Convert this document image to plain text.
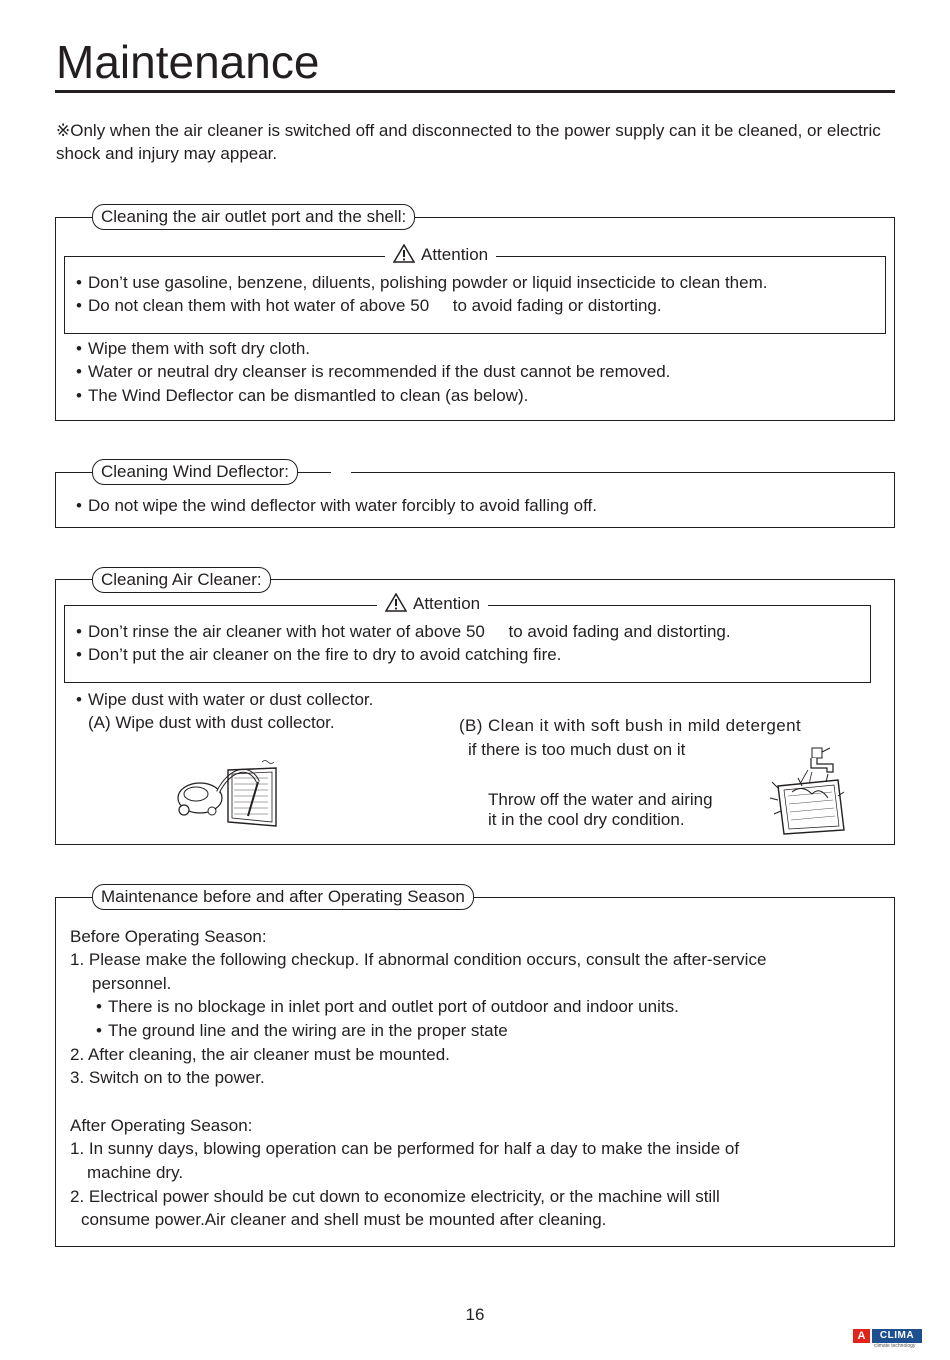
Maintenance
※Only when the air cleaner is switched off and disconnected to the power supply can it be cleaned, or electric shock and injury may appear.
Cleaning the air outlet port and the shell:
Attention
• Don’t use gasoline, benzene, diluents, polishing powder or liquid insecticide to clean them.
• Do not clean them with hot water of above 50     to avoid fading or distorting.
• Wipe them with soft dry cloth.
• Water or neutral dry cleanser is recommended if the dust cannot be removed.
• The Wind Deflector can be dismantled to clean (as below).
Cleaning Wind Deflector:
• Do not wipe the wind deflector with water forcibly to avoid falling off.
Cleaning Air Cleaner:
Attention
• Don’t rinse the air cleaner with hot water of above 50     to avoid fading and distorting.
• Don’t put the air cleaner on the fire to dry to avoid catching fire.
• Wipe dust with water or dust collector.
(A) Wipe dust with dust collector.	(B) Clean it with soft bush in mild detergent
if there is too much dust on it
Throw off the water and airing
it in the cool dry condition.
Maintenance before and after Operating Season
Before Operating Season:
1. Please make the following checkup. If abnormal condition occurs, consult the after-service
personnel.
• There is no blockage in inlet port and outlet port of outdoor and indoor units.
• The ground line and the wiring are in the proper state
2. After cleaning, the air cleaner must be mounted.
3. Switch on to the power.
After Operating Season:
1. In sunny days, blowing operation can be performed for half a day to make the inside of
machine dry.
2. Electrical power should be cut down to economize electricity, or the machine will still
consume power.Air cleaner and shell must be mounted after cleaning.
16
A	CLIMA
climate technology
